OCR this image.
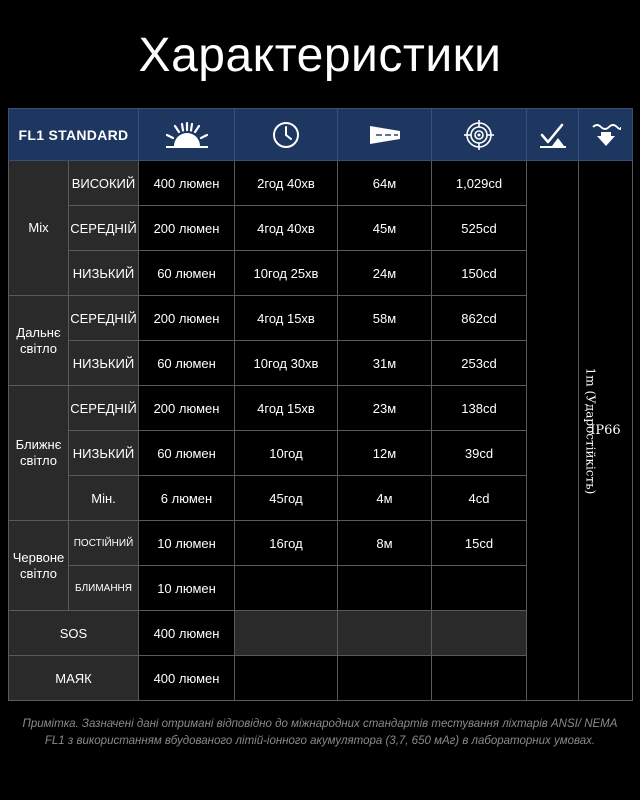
Характеристики
FL1 STANDARD	

Mix	ВИСОКИЙ	400 люмен	2год 40хв	64м	1,029cd	1m (Ударостійкість)	IP66
	СЕРЕДНІЙ	200 люмен	4год 40хв	45м	525cd		
	НИЗЬКИЙ	60 люмен	10год 25хв	24м	150cd		
Дальнє
світло	СЕРЕДНІЙ	200 люмен	4год 15хв	58м	862cd		
	НИЗЬКИЙ	60 люмен	10год 30хв	31м	253cd		
Ближнє
світло	СЕРЕДНІЙ	200 люмен	4год 15хв	23м	138cd		
	НИЗЬКИЙ	60 люмен	10год	12м	39cd		
	Мін.	6 люмен	45год	4м	4cd		
Червоне
світло	ПОСТІЙНИЙ	10 люмен	16год	8м	15cd		
	БЛИМАННЯ	10 люмен					
SOS		400 люмен					
МАЯК		400 люмен					
Примітка. Зазначені дані отримані відповідно до міжнародних стандартів тестування ліхтарів ANSI/ NEMA FL1 з використанням вбудованого літій-іонного акумулятора (3,7, 650 мАг) в лабораторних умовах.
